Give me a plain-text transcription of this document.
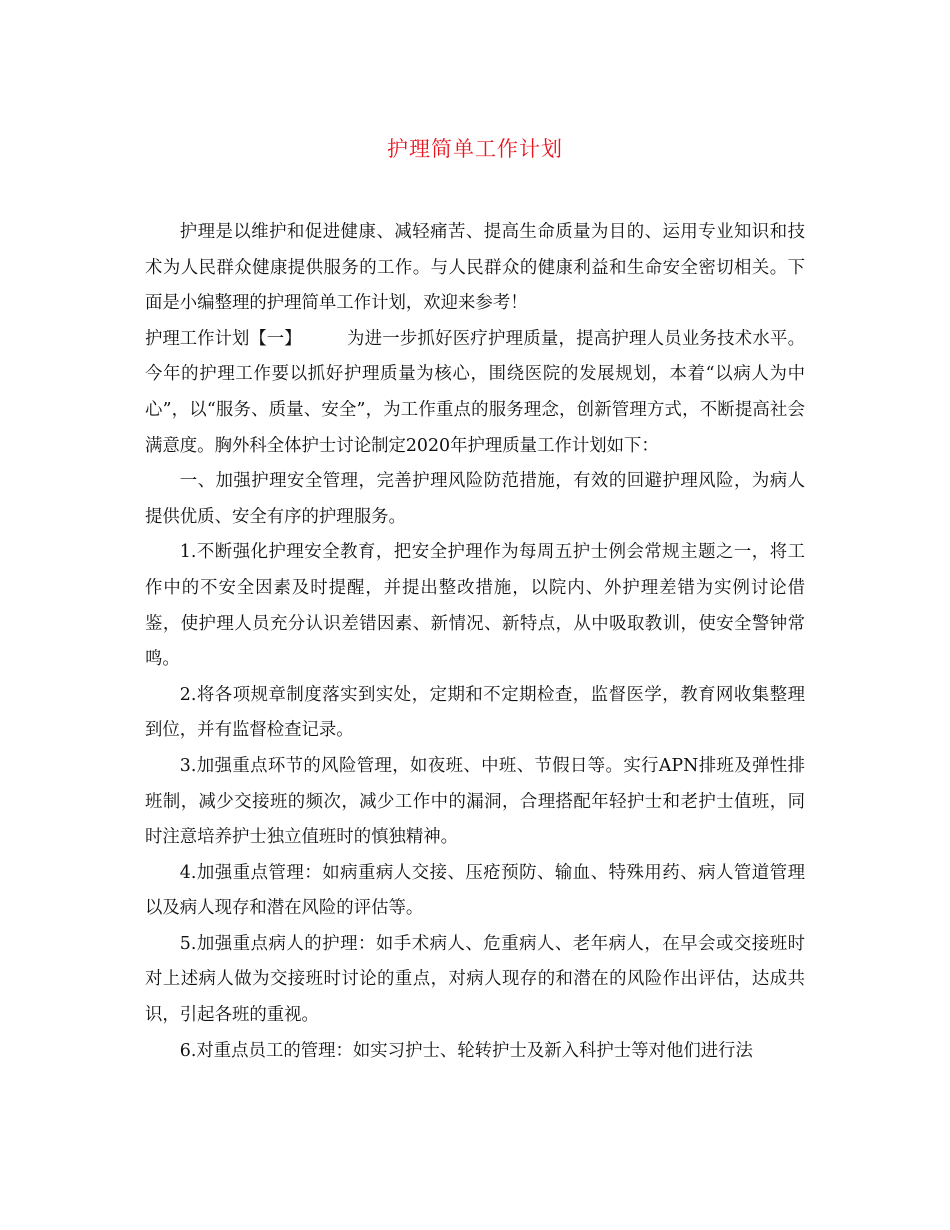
护理简单工作计划

护理是以维护和促进健康、减轻痛苦、提高生命质量为目的、运用专业知识和技术为人民群众健康提供服务的工作。与人民群众的健康利益和生命安全密切相关。下面是小编整理的护理简单工作计划，欢迎来参考！

护理工作计划【一】	为进一步抓好医疗护理质量，提高护理人员业务技术水平。今年的护理工作要以抓好护理质量为核心，围绕医院的发展规划，本着“以病人为中心”，以“服务、质量、安全”，为工作重点的服务理念，创新管理方式，不断提高社会满意度。胸外科全体护士讨论制定2020年护理质量工作计划如下：

一、加强护理安全管理，完善护理风险防范措施，有效的回避护理风险，为病人提供优质、安全有序的护理服务。

1.不断强化护理安全教育，把安全护理作为每周五护士例会常规主题之一，将工作中的不安全因素及时提醒，并提出整改措施，以院内、外护理差错为实例讨论借鉴，使护理人员充分认识差错因素、新情况、新特点，从中吸取教训，使安全警钟常鸣。

2.将各项规章制度落实到实处，定期和不定期检查，监督医学，教育网收集整理到位，并有监督检查记录。

3.加强重点环节的风险管理，如夜班、中班、节假日等。实行APN排班及弹性排班制，减少交接班的频次，减少工作中的漏洞，合理搭配年轻护士和老护士值班，同时注意培养护士独立值班时的慎独精神。

4.加强重点管理：如病重病人交接、压疮预防、输血、特殊用药、病人管道管理以及病人现存和潜在风险的评估等。

5.加强重点病人的护理：如手术病人、危重病人、老年病人，在早会或交接班时对上述病人做为交接班时讨论的重点，对病人现存的和潜在的风险作出评估，达成共识，引起各班的重视。

6.对重点员工的管理：如实习护士、轮转护士及新入科护士等对他们进行法
